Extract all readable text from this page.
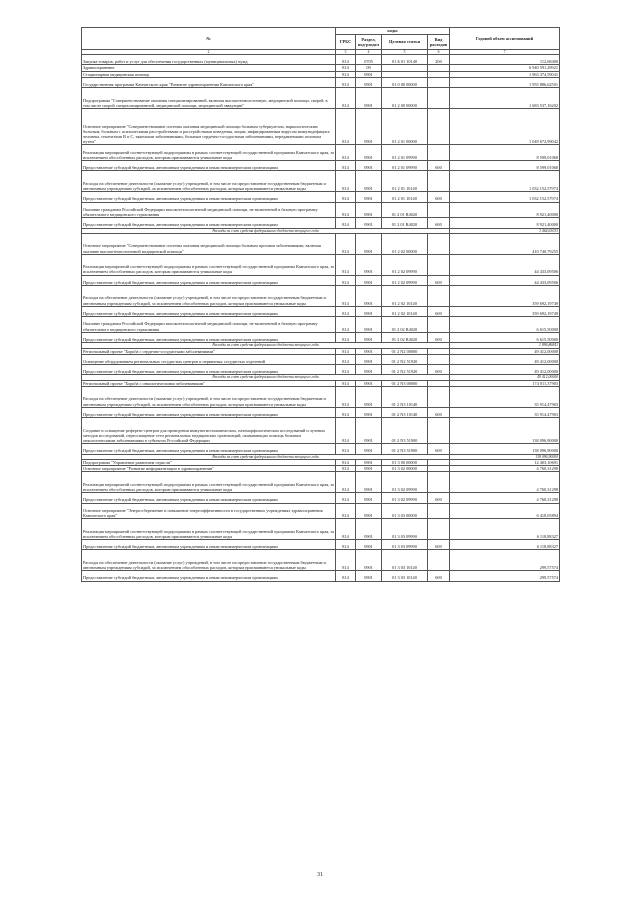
№	коды				Годовой объем ассигнований
	ГРБС	Раздел, под-раздел	Целевая статья	Вид расходов	
2	3	4	5	6	7
Закупка товаров, работ и услуг для обеспечения государственных (муниципальных) нужд	814	0705	01 Б 01 10140	200	112,68400
Здравоохранение	814	09			6 940 591,29921
Стационарная медицинская помощь	814	0901			1 963 374,59041
Государственная программа Камчатского края "Развитие здравоохранения Камчатского края"	814	0901	01 0 00 00000		1 955 886,62501
Подпрограмма "Совершенствование оказания специализированной, включая высокотехнологичную, медицинской помощи, скорой, в том числе скорой специализированной, медицинской помощи, медицинской эвакуации"	814	0901	01 2 00 00000		1 683 537,16202
Основное мероприятие "Совершенствование системы оказания медицинской помощи больным туберкулезом, наркологическим больным, больным с психическими расстройствами и расстройствами поведения, лицам, инфицированным вирусом иммунодефицита человека, гепатитами B и C, тяжелыми заболеваниями, больным сердечно-сосудистыми заболеваниями, передаваемыми половым путем"	814	0901	01 2 01 00000		1 049 672,99042
Реализация мероприятий соответствующей подпрограммы в рамках соответствующей государственной программы Камчатского края, за исключением обособленных расходов, которым присваиваются уникальные коды	814	0901	01 2 01 09990		8 599,01068
Предоставление субсидий бюджетным, автономным учреждениям и иным некоммерческим организациям	814	0901	01 2 01 09990	600	8 599,01068
Расходы на обеспечение деятельности (оказание услуг) учреждений, в том числе на предоставление государственным бюджетным и автономным учреждениям субсидий, за исключением обособленных расходов, которым присваиваются уникальные коды	814	0901	01 2 01 10140		1 032 152,57974
Предоставление субсидий бюджетным, автономным учреждениям и иным некоммерческим организациям	814	0901	01 2 01 10140	600	1 032 152,57974
Оказание гражданам Российской Федерации высокотехнологичной медицинской помощи, не включенной в базовую программу обязательного медицинского страхования	814	0901	01 2 01 R4020		8 921,40000
Предоставление субсидий бюджетным, автономным учреждениям и иным некоммерческим организациям	814	0901	01 2 01 R4020	600	8 921,40000
Расходы за счет средств федерального бюджета текущего года					3 464,63033
Основное мероприятие "Совершенствование системы оказания медицинской помощи больным прочими заболеваниями, включая оказание высокотехнологичной медицинской помощи"	814	0901	01 2 02 00000		410 740,79255
Реализация мероприятий соответствующей подпрограммы в рамках соответствующей государственной программы Камчатского края, за исключением обособленных расходов, которым присваиваются уникальные коды	814	0901	01 2 02 09990		44 433,09506
Предоставление субсидий бюджетным, автономным учреждениям и иным некоммерческим организациям	814	0901	01 2 02 09990	600	44 433,09506
Расходы на обеспечение деятельности (оказание услуг) учреждений, в том числе на предоставление государственным бюджетным и автономным учреждениям субсидий, за исключением обособленных расходов, которым присваиваются уникальные коды	814	0901	01 2 02 10140		359 692,19749
Предоставление субсидий бюджетным, автономным учреждениям и иным некоммерческим организациям	814	0901	01 2 02 10140	600	359 692,19749
Оказание гражданам Российской Федерации высокотехнологичной медицинской помощи, не включенной в базовую программу обязательного медицинского страхования	814	0901	01 2 02 R4020		6 615,50000
Предоставление субсидий бюджетным, автономным учреждениям и иным некоммерческим организациям	814	0901	01 2 02 R4020	600	6 615,50000
Расходы за счет средств федерального бюджета текущего года					1 896,86841
Региональный проект "Борьба с сердечно-сосудистыми заболеваниями"	814	0901	01 2 N2 00000		49 412,00000
Оснащение оборудованием региональных сосудистых центров и первичных сосудистых отделений	814	0901	01 2 N2 51920		49 412,00000
Предоставление субсидий бюджетным, автономным учреждениям и иным некоммерческим организациям	814	0901	01 2 N2 51920	600	49 412,00000
Расходы за счет средств федерального бюджета текущего года					49 412,00000
Региональный проект "Борьба с онкологическими заболеваниями"	814	0901	01 2 N3 00000		174 011,37903
Расходы на обеспечение деятельности (оказание услуг) учреждений, в том числе на предоставление государственным бюджетным и автономным учреждениям субсидий, за исключением обособленных расходов, которым присваиваются уникальные коды	814	0901	01 2 N3 10140		35 914,47903
Предоставление субсидий бюджетным, автономным учреждениям и иным некоммерческим организациям	814	0901	01 2 N3 10140	600	35 914,47903
Создание и оснащение референс-центров для проведения иммуногистохимических, патоморфологических исследований и лучевых методов исследований, переоснащение сети региональных медицинских организаций, оказывающих помощь больным онкологическими заболеваниями в субъектах Российской Федерации	814	0901	01 2 N3 51900		138 096,90000
Предоставление субсидий бюджетным, автономным учреждениям и иным некоммерческим организациям	814	0901	01 2 N3 51900	600	138 096,90000
Расходы за счет средств федерального бюджета текущего года					138 096,90000
Подпрограмма "Управление развитием отрасли"	814	0901	01 3 00 00000		12 403,10691
Основное мероприятие "Развитие информатизации в здравоохранении"	814	0901	01 3 02 00000		4 760,31298
Реализация мероприятий соответствующей подпрограммы в рамках соответствующей государственной программы Камчатского края, за исключением обособленных расходов, которым присваиваются уникальные коды	814	0901	01 3 02 09990		4 760,31298
Предоставление субсидий бюджетным, автономным учреждениям и иным некоммерческим организациям	814	0901	01 3 02 09990	600	4 760,31298
Основное мероприятие "Энергосбережение и повышение энергоэффективности в государственных учреждениях здравоохранения Камчатского края"	814	0901	01 3 03 00000		6 418,05894
Реализация мероприятий соответствующей подпрограммы в рамках соответствующей государственной программы Камчатского края, за исключением обособленных расходов, которым присваиваются уникальные коды	814	0901	01 3 03 09990		6 118,88327
Предоставление субсидий бюджетным, автономным учреждениям и иным некоммерческим организациям	814	0901	01 3 03 09990	600	6 118,88327
Расходы на обеспечение деятельности (оказание услуг) учреждений, в том числе на предоставление государственным бюджетным и автономным учреждениям субсидий, за исключением обособленных расходов, которым присваиваются уникальные коды	814	0901	01 3 03 10140		299,57574
Предоставление субсидий бюджетным, автономным учреждениям и иным некоммерческим организациям	814	0901	01 3 03 10140	600	299,57574
31
